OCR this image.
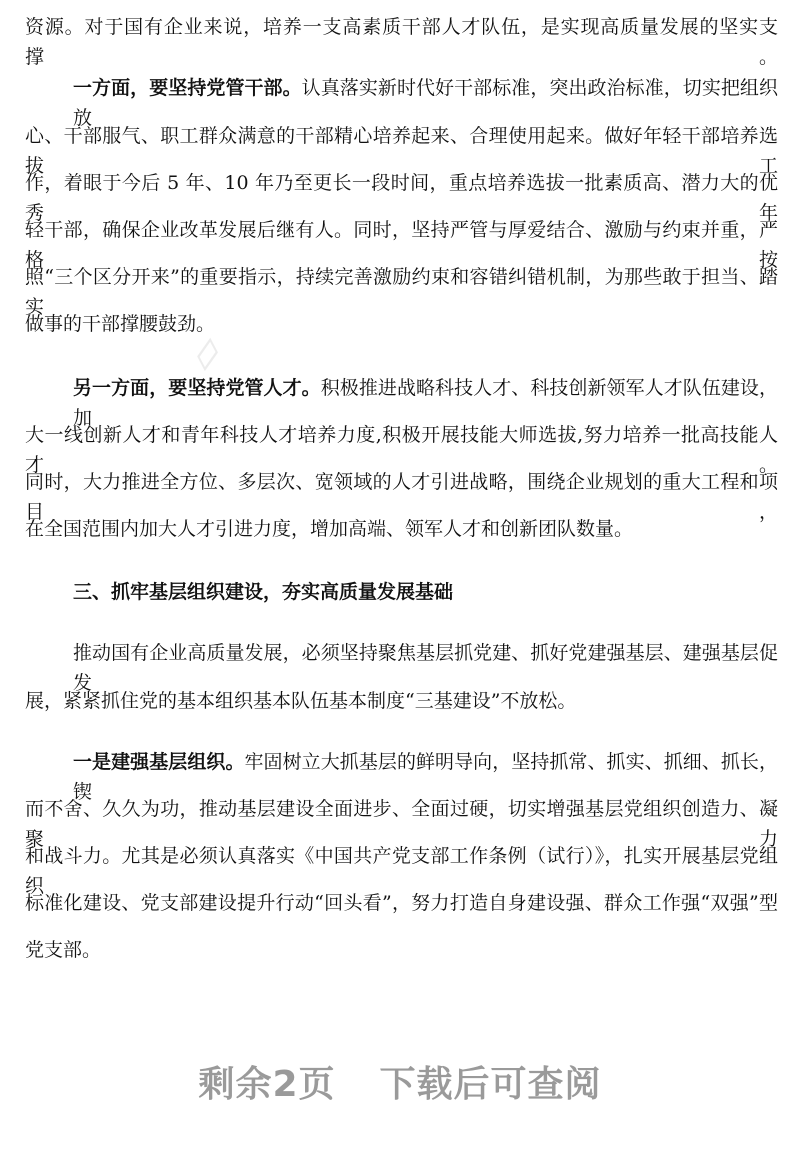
▱
资源。对于国有企业来说，培养一支高素质干部人才队伍，是实现高质量发展的坚实支撑。
一方面，要坚持党管干部。认真落实新时代好干部标准，突出政治标准，切实把组织放
心、干部服气、职工群众满意的干部精心培养起来、合理使用起来。做好年轻干部培养选拔工
作，着眼于今后 5 年、10 年乃至更长一段时间，重点培养选拔一批素质高、潜力大的优秀年
轻干部，确保企业改革发展后继有人。同时，坚持严管与厚爱结合、激励与约束并重，严格按
照“三个区分开来”的重要指示，持续完善激励约束和容错纠错机制，为那些敢于担当、踏实
做事的干部撑腰鼓劲。
另一方面，要坚持党管人才。积极推进战略科技人才、科技创新领军人才队伍建设，加
大一线创新人才和青年科技人才培养力度,积极开展技能大师选拔,努力培养一批高技能人才。
同时，大力推进全方位、多层次、宽领域的人才引进战略，围绕企业规划的重大工程和项目，
在全国范围内加大人才引进力度，增加高端、领军人才和创新团队数量。
三、抓牢基层组织建设，夯实高质量发展基础
推动国有企业高质量发展，必须坚持聚焦基层抓党建、抓好党建强基层、建强基层促发
展，紧紧抓住党的基本组织基本队伍基本制度“三基建设”不放松。
一是建强基层组织。牢固树立大抓基层的鲜明导向，坚持抓常、抓实、抓细、抓长，锲
而不舍、久久为功，推动基层建设全面进步、全面过硬，切实增强基层党组织创造力、凝聚力
和战斗力。尤其是必须认真落实《中国共产党支部工作条例（试行）》，扎实开展基层党组织
标准化建设、党支部建设提升行动“回头看”，努力打造自身建设强、群众工作强“双强”型
党支部。
剩余2页 下载后可查阅
